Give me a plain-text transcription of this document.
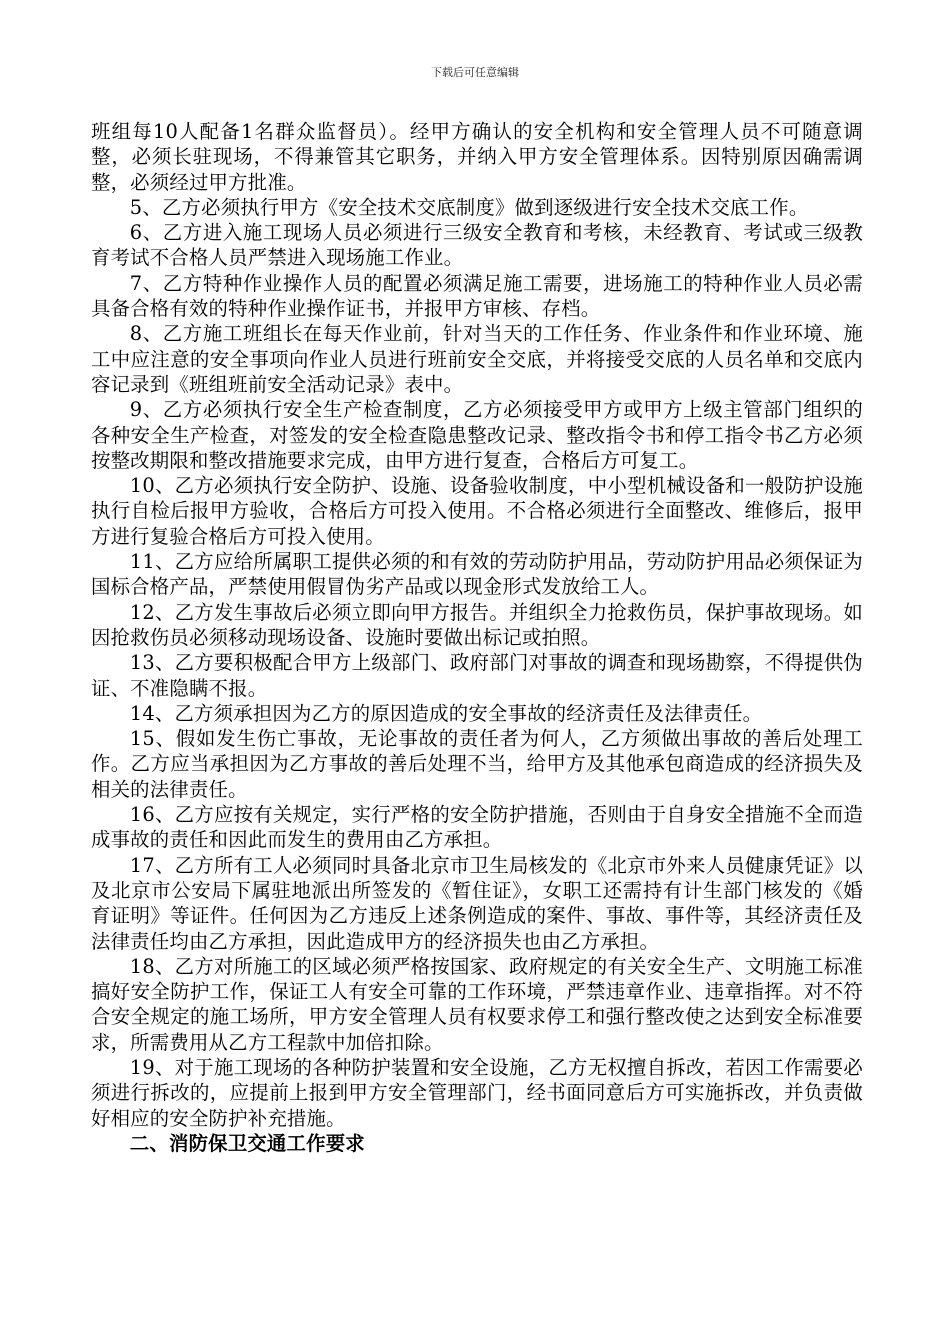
下载后可任意编辑

班组每10人配备1名群众监督员）。经甲方确认的安全机构和安全管理人员不可随意调整，必须长驻现场，不得兼管其它职务，并纳入甲方安全管理体系。因特别原因确需调整，必须经过甲方批准。

5、乙方必须执行甲方《安全技术交底制度》做到逐级进行安全技术交底工作。

6、乙方进入施工现场人员必须进行三级安全教育和考核，未经教育、考试或三级教育考试不合格人员严禁进入现场施工作业。

7、乙方特种作业操作人员的配置必须满足施工需要，进场施工的特种作业人员必需具备合格有效的特种作业操作证书，并报甲方审核、存档。

8、乙方施工班组长在每天作业前，针对当天的工作任务、作业条件和作业环境、施工中应注意的安全事项向作业人员进行班前安全交底，并将接受交底的人员名单和交底内容记录到《班组班前安全活动记录》表中。

9、乙方必须执行安全生产检查制度，乙方必须接受甲方或甲方上级主管部门组织的各种安全生产检查，对签发的安全检查隐患整改记录、整改指令书和停工指令书乙方必须按整改期限和整改措施要求完成，由甲方进行复查，合格后方可复工。

10、乙方必须执行安全防护、设施、设备验收制度，中小型机械设备和一般防护设施执行自检后报甲方验收，合格后方可投入使用。不合格必须进行全面整改、维修后，报甲方进行复验合格后方可投入使用。

11、乙方应给所属职工提供必须的和有效的劳动防护用品，劳动防护用品必须保证为国标合格产品，严禁使用假冒伪劣产品或以现金形式发放给工人。

12、乙方发生事故后必须立即向甲方报告。并组织全力抢救伤员，保护事故现场。如因抢救伤员必须移动现场设备、设施时要做出标记或拍照。

13、乙方要积极配合甲方上级部门、政府部门对事故的调查和现场勘察，不得提供伪证、不准隐瞒不报。

14、乙方须承担因为乙方的原因造成的安全事故的经济责任及法律责任。

15、假如发生伤亡事故，无论事故的责任者为何人，乙方须做出事故的善后处理工作。乙方应当承担因为乙方事故的善后处理不当，给甲方及其他承包商造成的经济损失及相关的法律责任。

16、乙方应按有关规定，实行严格的安全防护措施，否则由于自身安全措施不全而造成事故的责任和因此而发生的费用由乙方承担。

17、乙方所有工人必须同时具备北京市卫生局核发的《北京市外来人员健康凭证》以及北京市公安局下属驻地派出所签发的《暂住证》，女职工还需持有计生部门核发的《婚育证明》等证件。任何因为乙方违反上述条例造成的案件、事故、事件等，其经济责任及法律责任均由乙方承担，因此造成甲方的经济损失也由乙方承担。

18、乙方对所施工的区域必须严格按国家、政府规定的有关安全生产、文明施工标准搞好安全防护工作，保证工人有安全可靠的工作环境，严禁违章作业、违章指挥。对不符合安全规定的施工场所，甲方安全管理人员有权要求停工和强行整改使之达到安全标准要求，所需费用从乙方工程款中加倍扣除。

19、对于施工现场的各种防护装置和安全设施，乙方无权擅自拆改，若因工作需要必须进行拆改的，应提前上报到甲方安全管理部门，经书面同意后方可实施拆改，并负责做好相应的安全防护补充措施。

二、消防保卫交通工作要求
